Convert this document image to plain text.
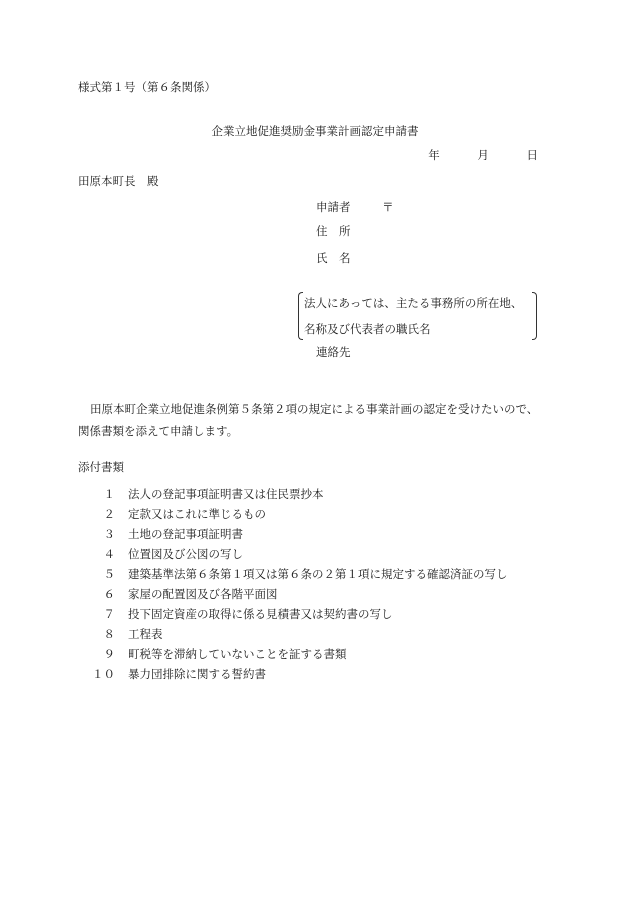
様式第１号（第６条関係）
企業立地促進奨励金事業計画認定申請書
年	月	日
田原本町長　殿
申請者	〒
住　所
氏　名
法人にあっては、主たる事務所の所在地、
名称及び代表者の職氏名
連絡先
田原本町企業立地促進条例第５条第２項の規定による事業計画の認定を受けたいので、関係書類を添えて申請します。
添付書類
１ 法人の登記事項証明書又は住民票抄本
２ 定款又はこれに準じるもの
３ 土地の登記事項証明書
４ 位置図及び公図の写し
５ 建築基準法第６条第１項又は第６条の２第１項に規定する確認済証の写し
６ 家屋の配置図及び各階平面図
７ 投下固定資産の取得に係る見積書又は契約書の写し
８ 工程表
９ 町税等を滞納していないことを証する書類
１０ 暴力団排除に関する誓約書
